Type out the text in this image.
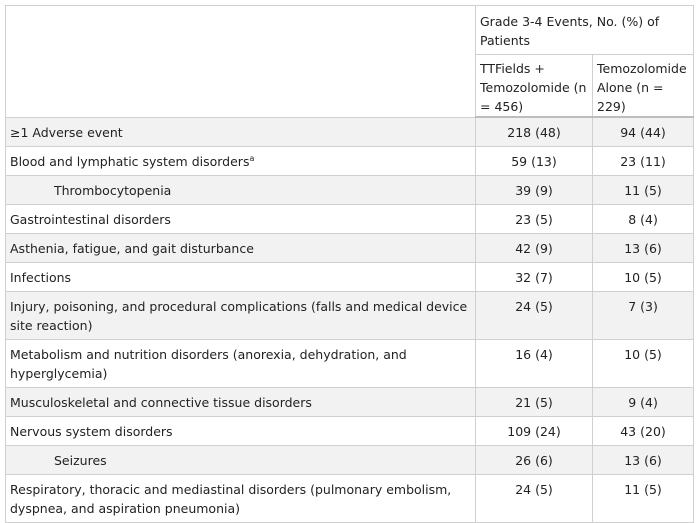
	Grade 3-4 Events, No. (%) of Patients	
	TTFields + Temozolomide (n = 456)	Temozolomide Alone (n = 229)
≥1 Adverse event	218 (48)	94 (44)
Blood and lymphatic system disorders$^a$	59 (13)	23 (11)
Thrombocytopenia	39 (9)	11 (5)
Gastrointestinal disorders	23 (5)	8 (4)
Asthenia, fatigue, and gait disturbance	42 (9)	13 (6)
Infections	32 (7)	10 (5)
Injury, poisoning, and procedural complications (falls and medical device site reaction)	24 (5)	7 (3)
Metabolism and nutrition disorders (anorexia, dehydration, and hyperglycemia)	16 (4)	10 (5)
Musculoskeletal and connective tissue disorders	21 (5)	9 (4)
Nervous system disorders	109 (24)	43 (20)
Seizures	26 (6)	13 (6)
Respiratory, thoracic and mediastinal disorders (pulmonary embolism, dyspnea, and aspiration pneumonia)	24 (5)	11 (5)
